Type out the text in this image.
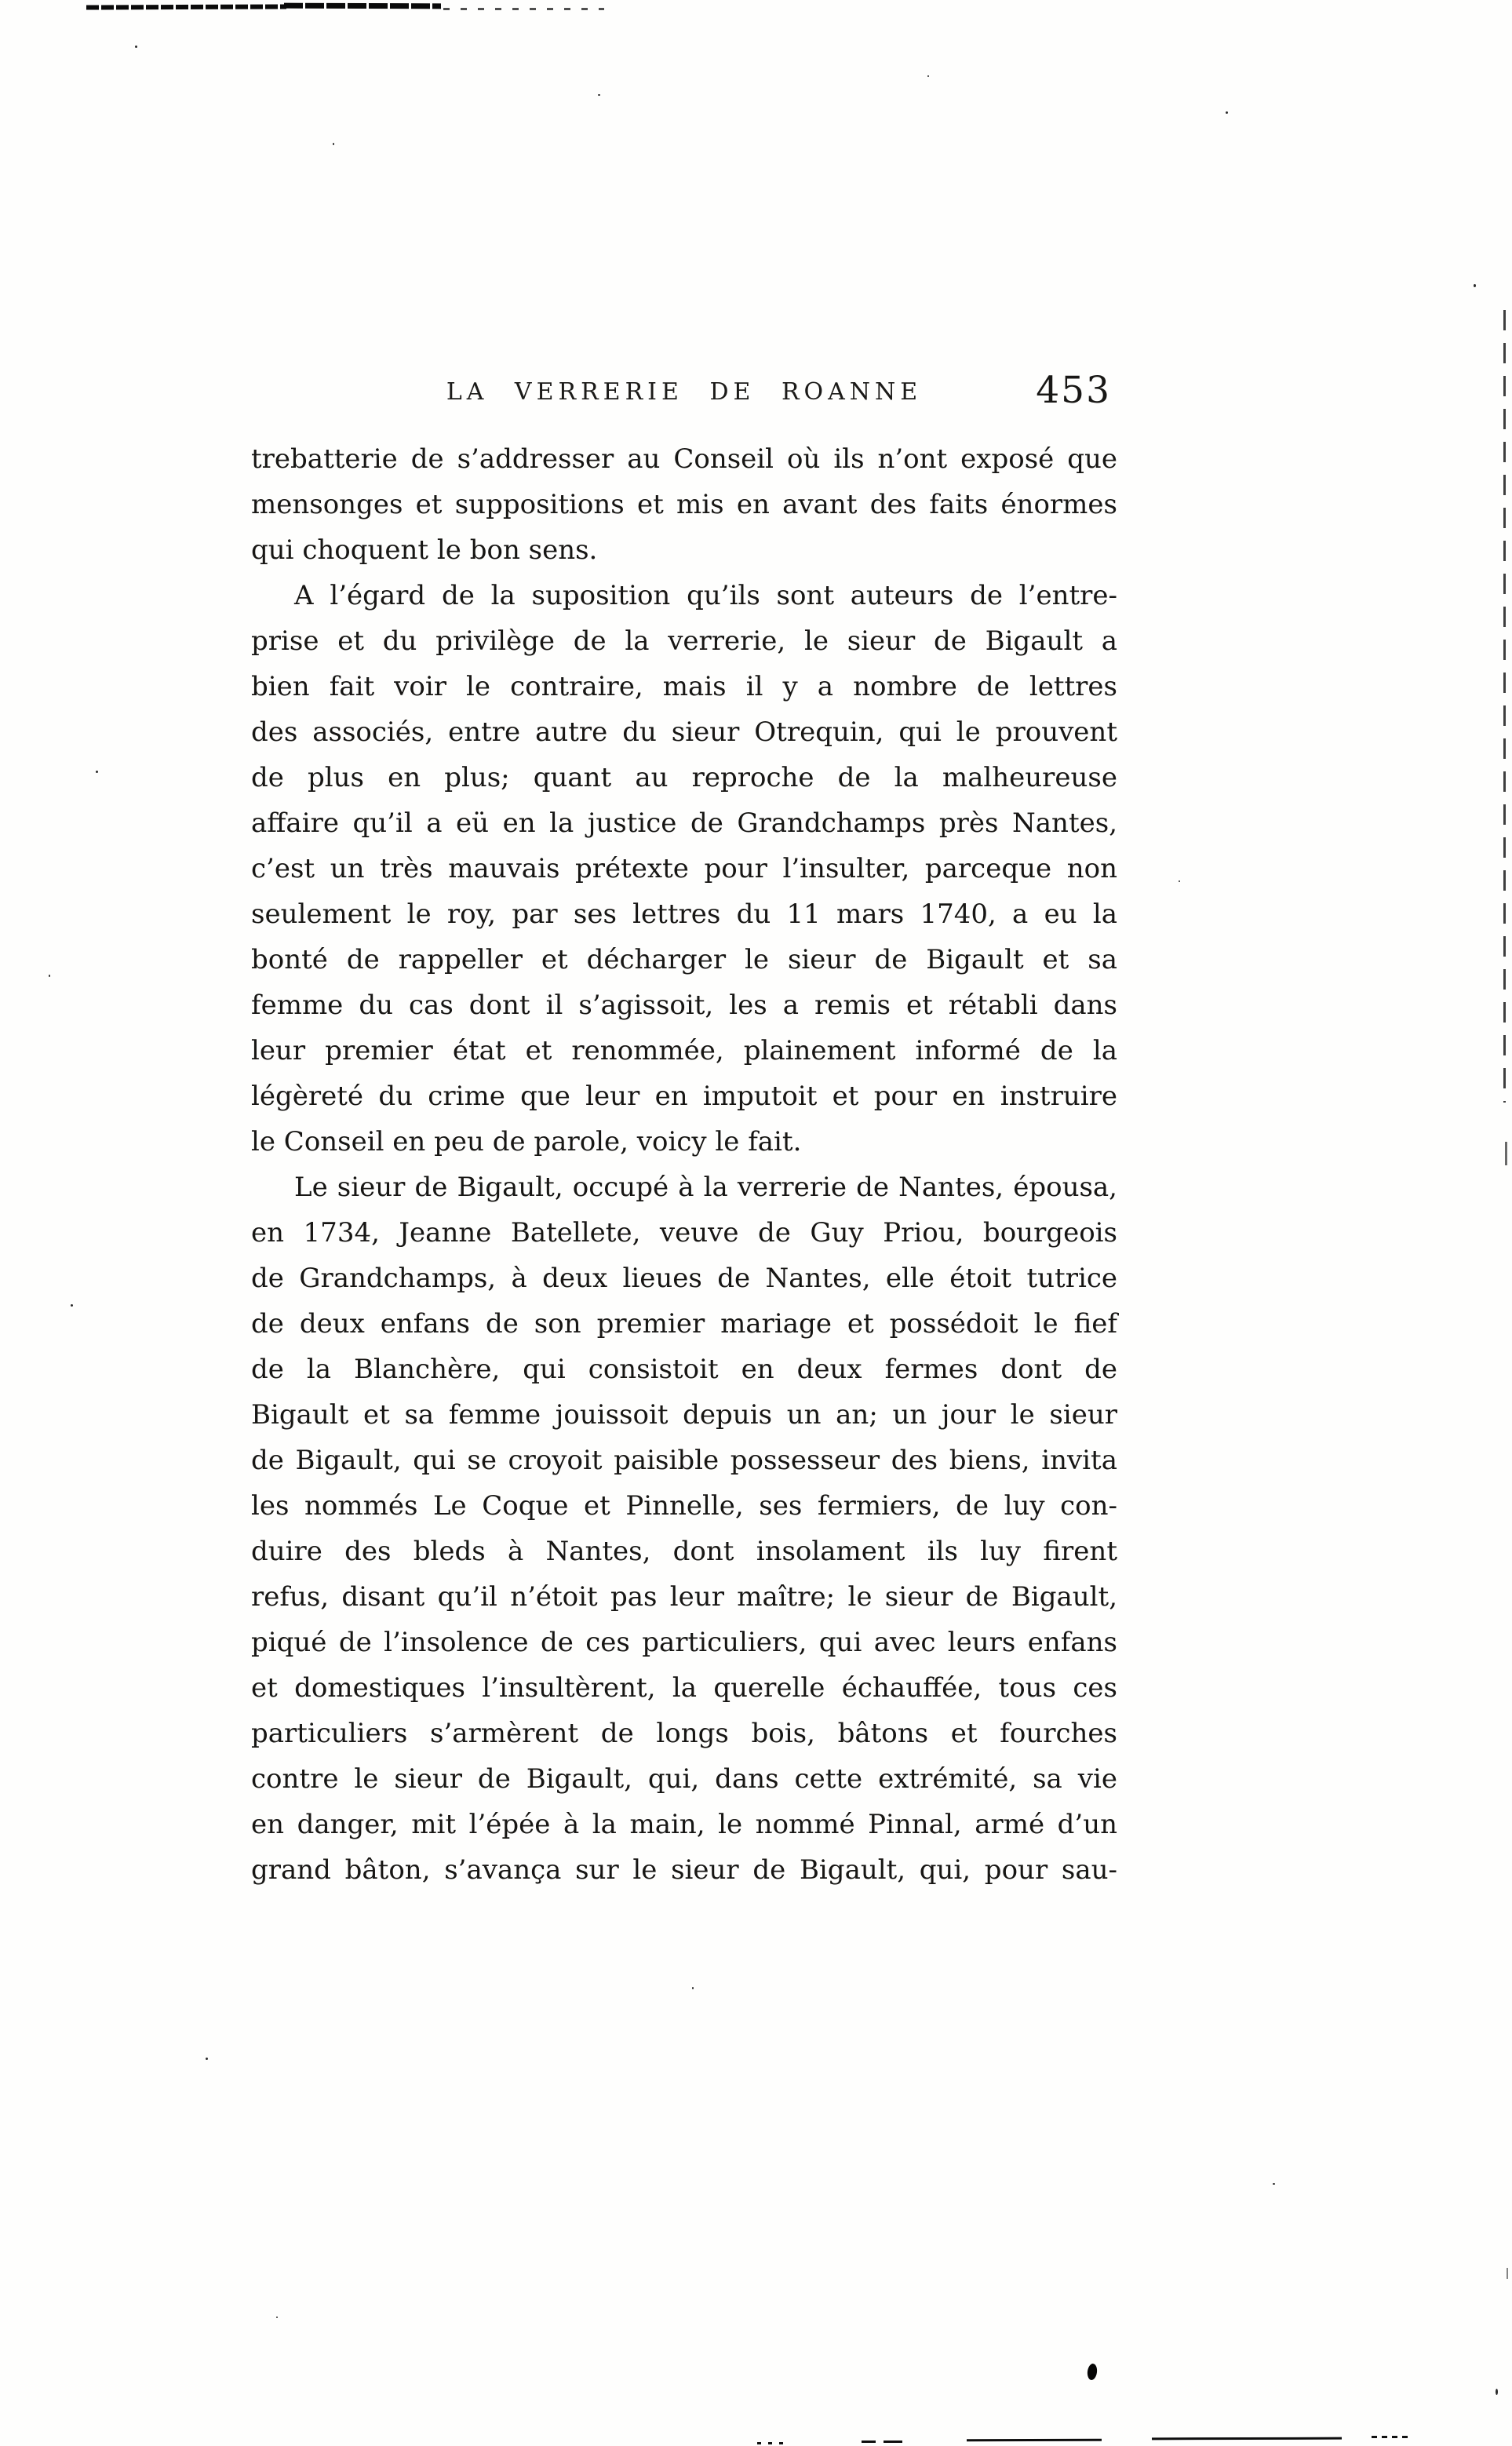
LA VERRERIE DE ROANNE	453
trebatterie de s’addresser au Conseil où ils n’ont exposé que
mensonges et suppositions et mis en avant des faits énormes
qui choquent le bon sens.
A l’égard de la suposition qu’ils sont auteurs de l’entre-
prise et du privilège de la verrerie, le sieur de Bigault a
bien fait voir le contraire, mais il y a nombre de lettres
des associés, entre autre du sieur Otrequin, qui le prouvent
de plus en plus; quant au reproche de la malheureuse
affaire qu’il a eü en la justice de Grandchamps près Nantes,
c’est un très mauvais prétexte pour l’insulter, parceque non
seulement le roy, par ses lettres du 11 mars 1740, a eu la
bonté de rappeller et décharger le sieur de Bigault et sa
femme du cas dont il s’agissoit, les a remis et rétabli dans
leur premier état et renommée, plainement informé de la
légèreté du crime que leur en imputoit et pour en instruire
le Conseil en peu de parole, voicy le fait.
Le sieur de Bigault, occupé à la verrerie de Nantes, épousa,
en 1734, Jeanne Batellete, veuve de Guy Priou, bourgeois
de Grandchamps, à deux lieues de Nantes, elle étoit tutrice
de deux enfans de son premier mariage et possédoit le fief
de la Blanchère, qui consistoit en deux fermes dont de
Bigault et sa femme jouissoit depuis un an; un jour le sieur
de Bigault, qui se croyoit paisible possesseur des biens, invita
les nommés Le Coque et Pinnelle, ses fermiers, de luy con-
duire des bleds à Nantes, dont insolament ils luy firent
refus, disant qu’il n’étoit pas leur maître; le sieur de Bigault,
piqué de l’insolence de ces particuliers, qui avec leurs enfans
et domestiques l’insultèrent, la querelle échauffée, tous ces
particuliers s’armèrent de longs bois, bâtons et fourches
contre le sieur de Bigault, qui, dans cette extrémité, sa vie
en danger, mit l’épée à la main, le nommé Pinnal, armé d’un
grand bâton, s’avança sur le sieur de Bigault, qui, pour sau-
